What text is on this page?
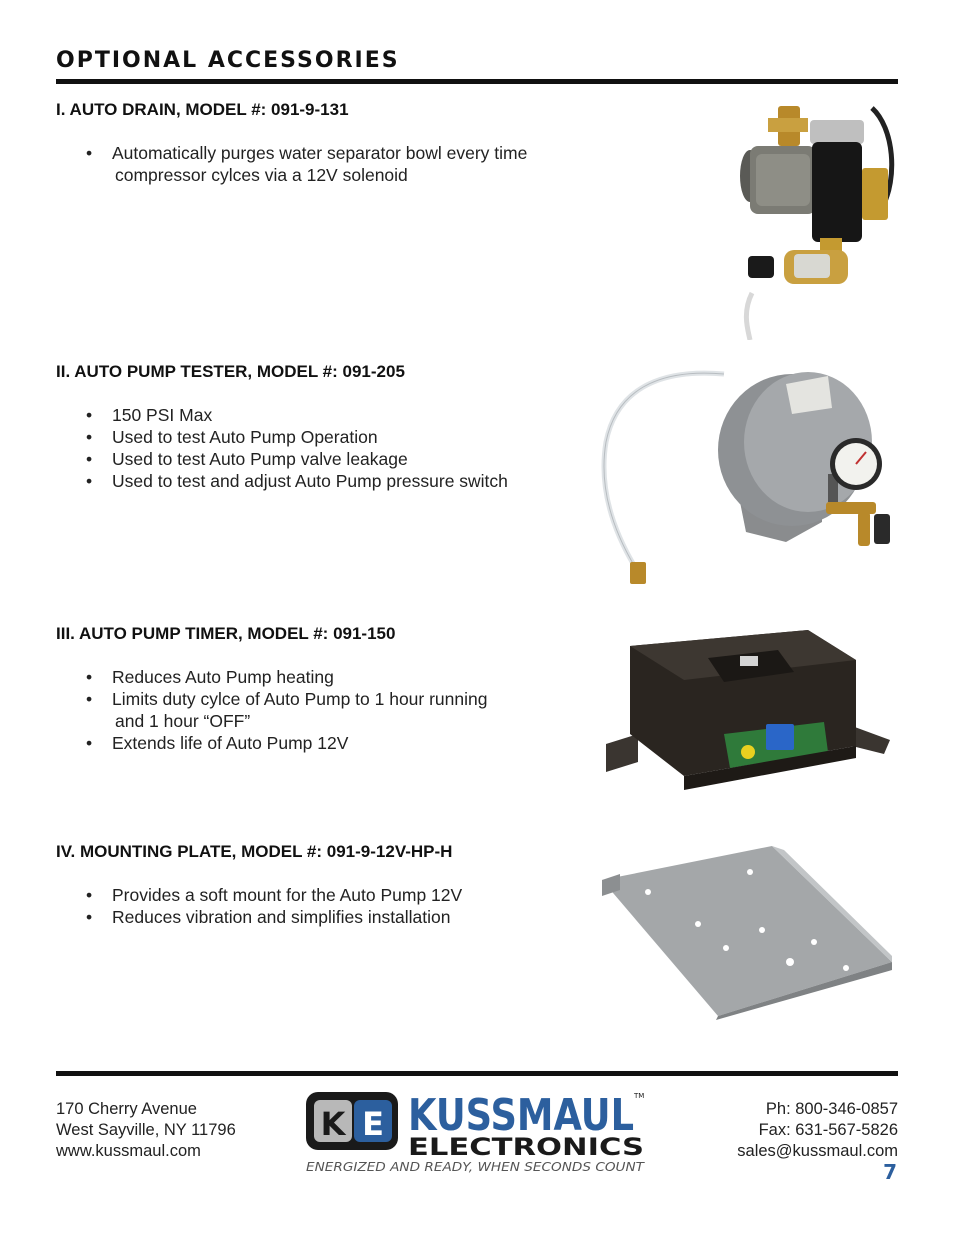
OPTIONAL ACCESSORIES
I. AUTO DRAIN, MODEL #: 091-9-131
• Automatically purges water separator bowl every time
compressor cylces via a 12V solenoid
II. AUTO PUMP TESTER, MODEL #: 091-205
• 150 PSI Max
• Used to test Auto Pump Operation
• Used to test Auto Pump valve leakage
• Used to test and adjust Auto Pump pressure switch
III. AUTO PUMP TIMER, MODEL #: 091-150
• Reduces Auto Pump heating
• Limits duty cylce of Auto Pump to 1 hour running
and 1 hour “OFF”
• Extends life of Auto Pump 12V
IV. MOUNTING PLATE, MODEL #: 091-9-12V-HP-H
• Provides a soft mount for the Auto Pump 12V
• Reduces vibration and simplifies installation
170 Cherry Avenue
West Sayville, NY 11796
www.kussmaul.com
K E KUSSMAUL TM
ELECTRONICS
ENERGIZED AND READY, WHEN SECONDS COUNT
Ph: 800-346-0857
Fax: 631-567-5826
sales@kussmaul.com
7
